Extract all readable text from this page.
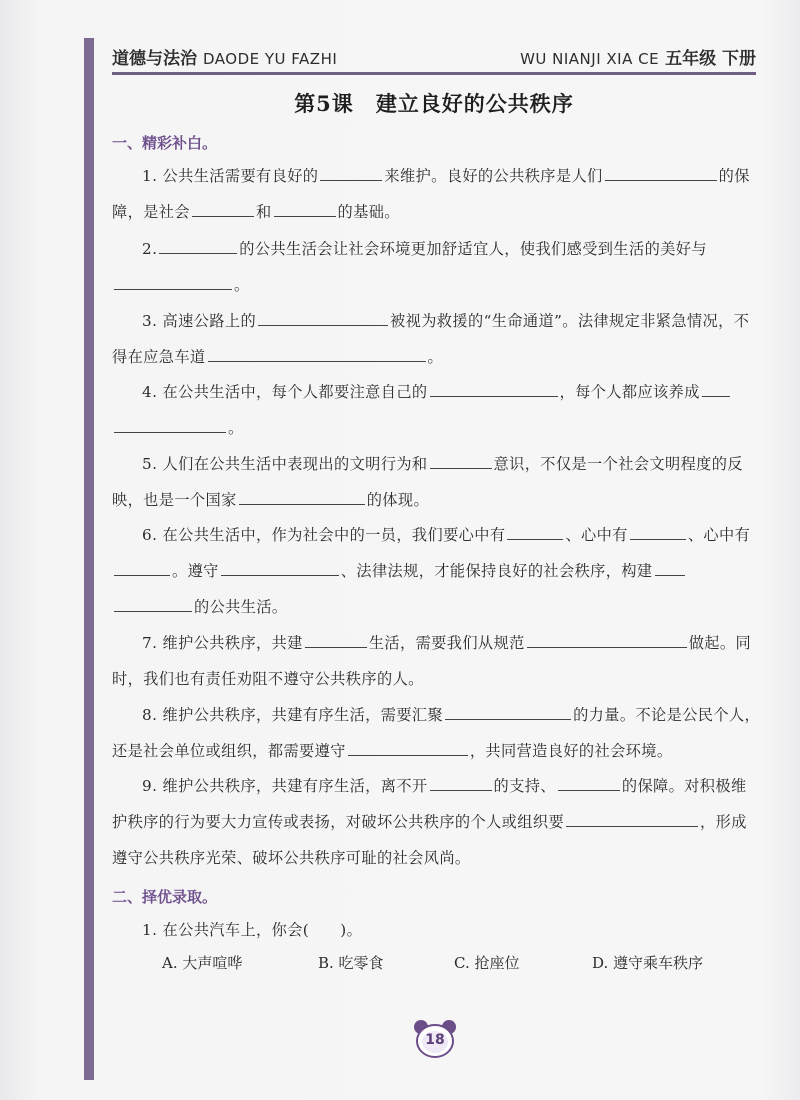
道德与法治 DAODE YU FAZHI	WU NIANJI XIA CE 五年级 下册
第5课 建立良好的公共秩序
一、精彩补白。
1. 公共生活需要有良好的	来维护。良好的公共秩序是人们	的保障，是社会	和	的基础。
2.	的公共生活会让社会环境更加舒适宜人，使我们感受到生活的美好与。
3. 高速公路上的	被视为救援的“生命通道”。法律规定非紧急情况，不得在应急车道	。
4. 在公共生活中，每个人都要注意自己的	，每个人都应该养成。
5. 人们在公共生活中表现出的文明行为和	意识，不仅是一个社会文明程度的反映，也是一个国家	的体现。
6. 在公共生活中，作为社会中的一员，我们要心中有	、心中有	、心中有。遵守	、法律法规，才能保持良好的社会秩序，构建的公共生活。
7. 维护公共秩序，共建	生活，需要我们从规范	做起。同时，我们也有责任劝阻不遵守公共秩序的人。
8. 维护公共秩序，共建有序生活，需要汇聚	的力量。不论是公民个人，还是社会单位或组织，都需要遵守	，共同营造良好的社会环境。
9. 维护公共秩序，共建有序生活，离不开	的支持、	的保障。对积极维护秩序的行为要大力宣传或表扬，对破坏公共秩序的个人或组织要	，形成遵守公共秩序光荣、破坏公共秩序可耻的社会风尚。
二、择优录取。
1. 在公共汽车上，你会(　　)。
A. 大声喧哗	B. 吃零食	C. 抢座位	D. 遵守乘车秩序
18
